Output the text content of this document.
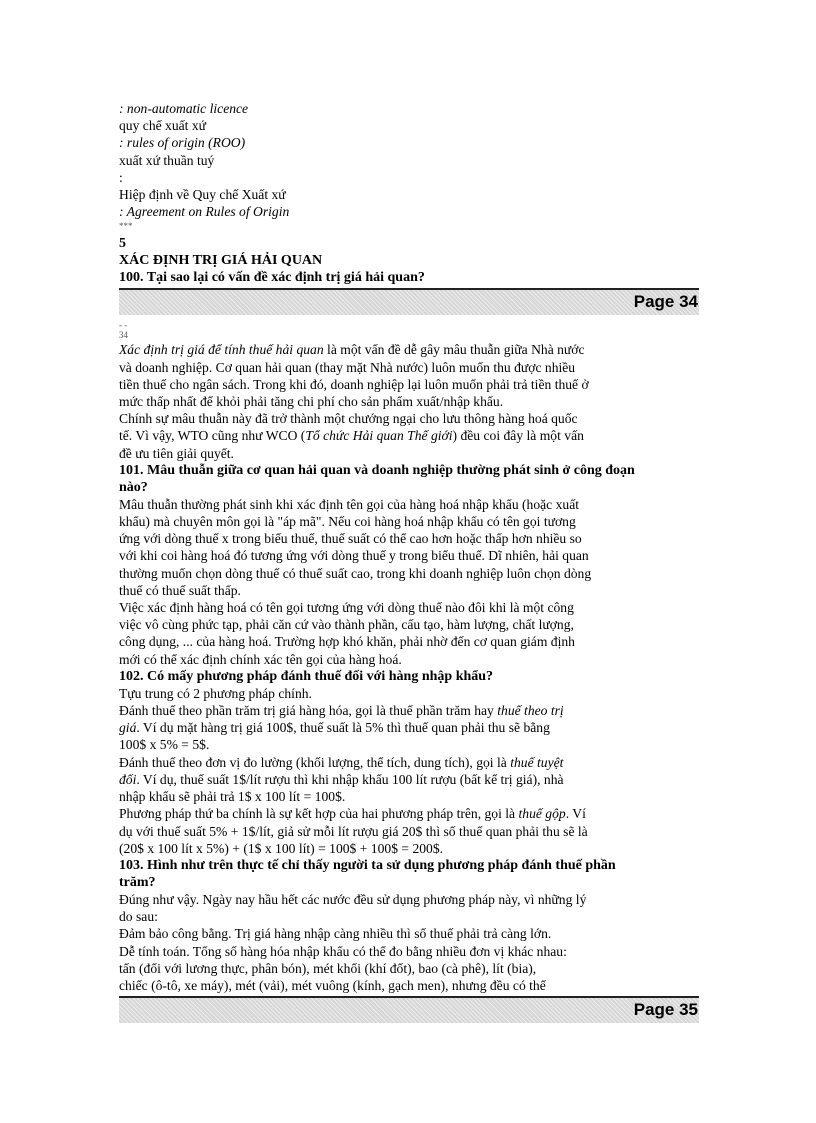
: non-automatic licence
quy chế xuất xứ
: rules of origin (ROO)
xuất xứ thuần tuý
:
Hiệp định về Quy chế Xuất xứ
: Agreement on Rules of Origin
***
5
XÁC ĐỊNH TRỊ GIÁ HẢI QUAN
100. Tại sao lại có vấn đề xác định trị giá hải quan?
Page 34
- -
34
Xác định trị giá để tính thuế hải quan là một vấn đề dễ gây mâu thuẫn giữa Nhà nước
và doanh nghiệp. Cơ quan hải quan (thay mặt Nhà nước) luôn muốn thu được nhiều
tiền thuế cho ngân sách. Trong khi đó, doanh nghiệp lại luôn muốn phải trả tiền thuế ở
mức thấp nhất để khỏi phải tăng chi phí cho sản phẩm xuất/nhập khẩu.
Chính sự mâu thuẫn này đã trở thành một chướng ngại cho lưu thông hàng hoá quốc
tế. Vì vậy, WTO cũng như WCO (Tổ chức Hải quan Thế giới) đều coi đây là một vấn
đề ưu tiên giải quyết.
101. Mâu thuẫn giữa cơ quan hải quan và doanh nghiệp thường phát sinh ở công đoạn
nào?
Mâu thuẫn thường phát sinh khi xác định tên gọi của hàng hoá nhập khẩu (hoặc xuất
khẩu) mà chuyên môn gọi là "áp mã". Nếu coi hàng hoá nhập khẩu có tên gọi tương
ứng với dòng thuế x trong biểu thuế, thuế suất có thể cao hơn hoặc thấp hơn nhiều so
với khi coi hàng hoá đó tương ứng với dòng thuế y trong biểu thuế. Dĩ nhiên, hải quan
thường muốn chọn dòng thuế có thuế suất cao, trong khi doanh nghiệp luôn chọn dòng
thuế có thuế suất thấp.
Việc xác định hàng hoá có tên gọi tương ứng với dòng thuế nào đôi khi là một công
việc vô cùng phức tạp, phải căn cứ vào thành phần, cấu tạo, hàm lượng, chất lượng,
công dụng, ... của hàng hoá. Trường hợp khó khăn, phải nhờ đến cơ quan giám định
mới có thể xác định chính xác tên gọi của hàng hoá.
102. Có mấy phương pháp đánh thuế đối với hàng nhập khẩu?
Tựu trung có 2 phương pháp chính.
Đánh thuế theo phần trăm trị giá hàng hóa, gọi là thuế phần trăm hay thuế theo trị
giá. Ví dụ mặt hàng trị giá 100$, thuế suất là 5% thì thuế quan phải thu sẽ bằng
100$ x 5% = 5$.
Đánh thuế theo đơn vị đo lường (khối lượng, thể tích, dung tích), gọi là thuế tuyệt
đối. Ví dụ, thuế suất 1$/lít rượu thì khi nhập khẩu 100 lít rượu (bất kể trị giá), nhà
nhập khẩu sẽ phải trả 1$ x 100 lít = 100$.
Phương pháp thứ ba chính là sự kết hợp của hai phương pháp trên, gọi là thuế gộp. Ví
dụ với thuế suất 5% + 1$/lít, giả sử mỗi lít rượu giá 20$ thì số thuế quan phải thu sẽ là
(20$ x 100 lít x 5%) + (1$ x 100 lít) = 100$ + 100$ = 200$.
103. Hình như trên thực tế chỉ thấy người ta sử dụng phương pháp đánh thuế phần
trăm?
Đúng như vậy. Ngày nay hầu hết các nước đều sử dụng phương pháp này, vì những lý
do sau:
Đảm bảo công bằng. Trị giá hàng nhập càng nhiều thì số thuế phải trả càng lớn.
Dễ tính toán. Tổng số hàng hóa nhập khẩu có thể đo bằng nhiều đơn vị khác nhau:
tấn (đối với lương thực, phân bón), mét khối (khí đốt), bao (cà phê), lít (bia),
chiếc (ô-tô, xe máy), mét (vải), mét vuông (kính, gạch men), nhưng đều có thể
Page 35
